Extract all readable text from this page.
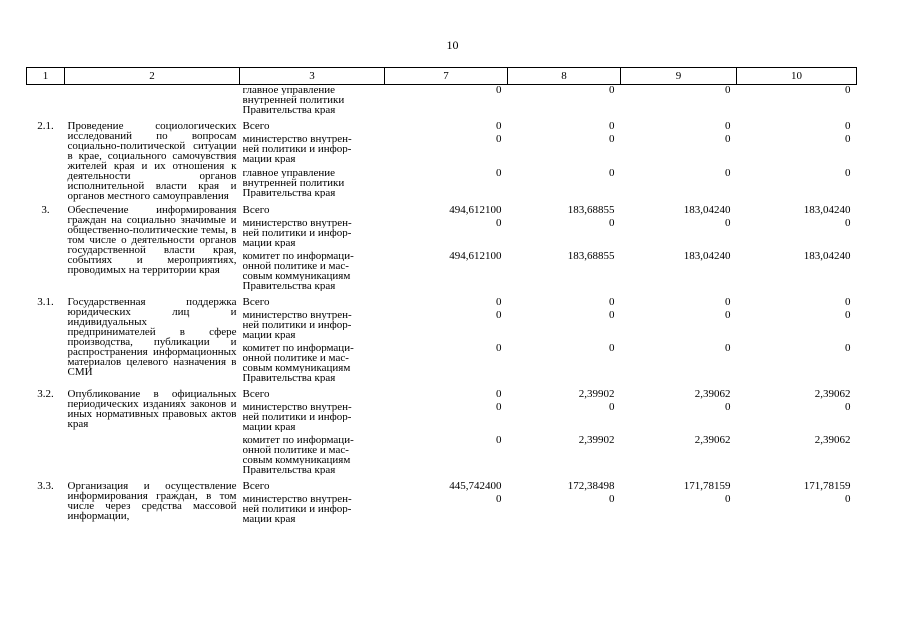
10
1	2	3	7	8	9	10

		главное управление
внутренней политики
Правительства края	0	0	0	0

2.1.	Проведение социологических исследований по вопросам социально-политической ситуации в крае, социального самочувствия жителей края и их отношения к деятельности органов исполнительной власти края и органов местного самоуправления	Всего	0	0	0	0

		министерство внутрен-
ней политики и инфор-
мации края	0	0	0	0

		главное управление
внутренней политики
Правительства края	0	0	0	0

3.	Обеспечение информирования граждан на социально значимые и общественно-политические темы, в том числе о деятельности органов государственной власти края, событиях и мероприятиях, проводимых на территории края	Всего	494,612100	183,68855	183,04240	183,04240

		министерство внутрен-
ней политики и инфор-
мации края	0	0	0	0

		комитет по информаци-
онной политике и мас-
совым коммуникациям
Правительства края	494,612100	183,68855	183,04240	183,04240

3.1.	Государственная поддержка юридических лиц и индивидуальных предпринимателей в сфере производства, публикации и распространения информационных материалов целевого назначения в СМИ	Всего	0	0	0	0

		министерство внутрен-
ней политики и инфор-
мации края	0	0	0	0

		комитет по информаци-
онной политике и мас-
совым коммуникациям
Правительства края	0	0	0	0

3.2.	Опубликование в официальных периодических изданиях законов и иных нормативных правовых актов края	Всего	0	2,39902	2,39062	2,39062

		министерство внутрен-
ней политики и инфор-
мации края	0	0	0	0

		комитет по информаци-
онной политике и мас-
совым коммуникациям
Правительства края	0	2,39902	2,39062	2,39062

3.3.	Организация и осуществление информирования граждан, в том числе через средства массовой информации,	Всего	445,742400	172,38498	171,78159	171,78159

		министерство внутрен-
ней политики и инфор-
мации края	0	0	0	0
